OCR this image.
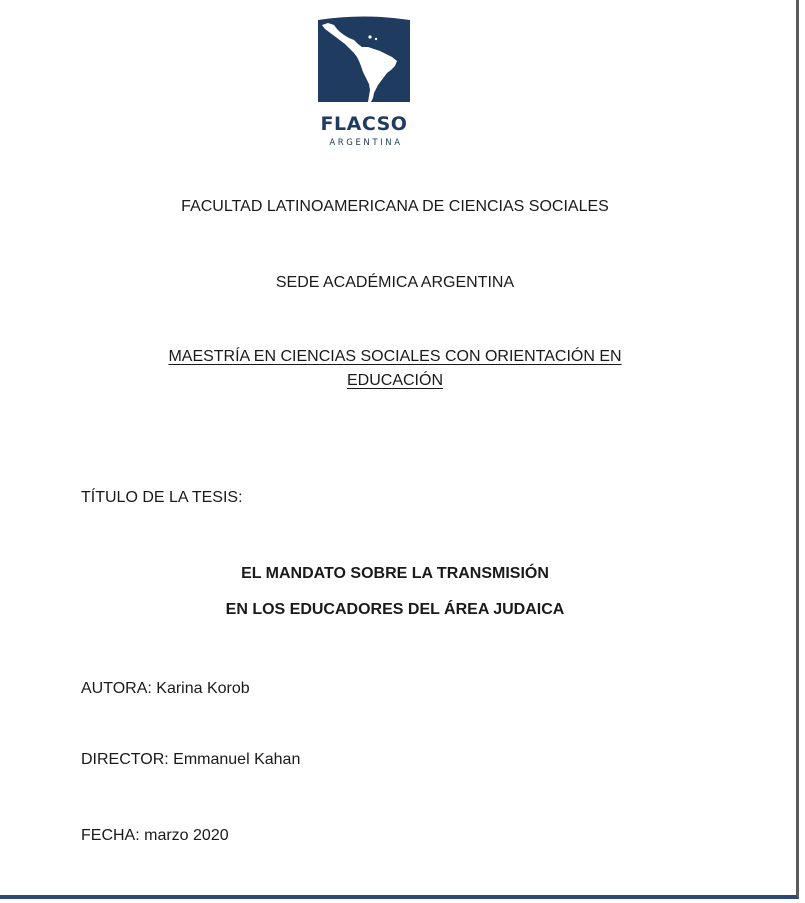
FLACSO
ARGENTINA
FACULTAD LATINOAMERICANA DE CIENCIAS SOCIALES
SEDE ACADÉMICA ARGENTINA
MAESTRÍA EN CIENCIAS SOCIALES CON ORIENTACIÓN EN
EDUCACIÓN
TÍTULO DE LA TESIS:
EL MANDATO SOBRE LA TRANSMISIÓN
EN LOS EDUCADORES DEL ÁREA JUDAICA
AUTORA: Karina Korob
DIRECTOR: Emmanuel Kahan
FECHA: marzo 2020
